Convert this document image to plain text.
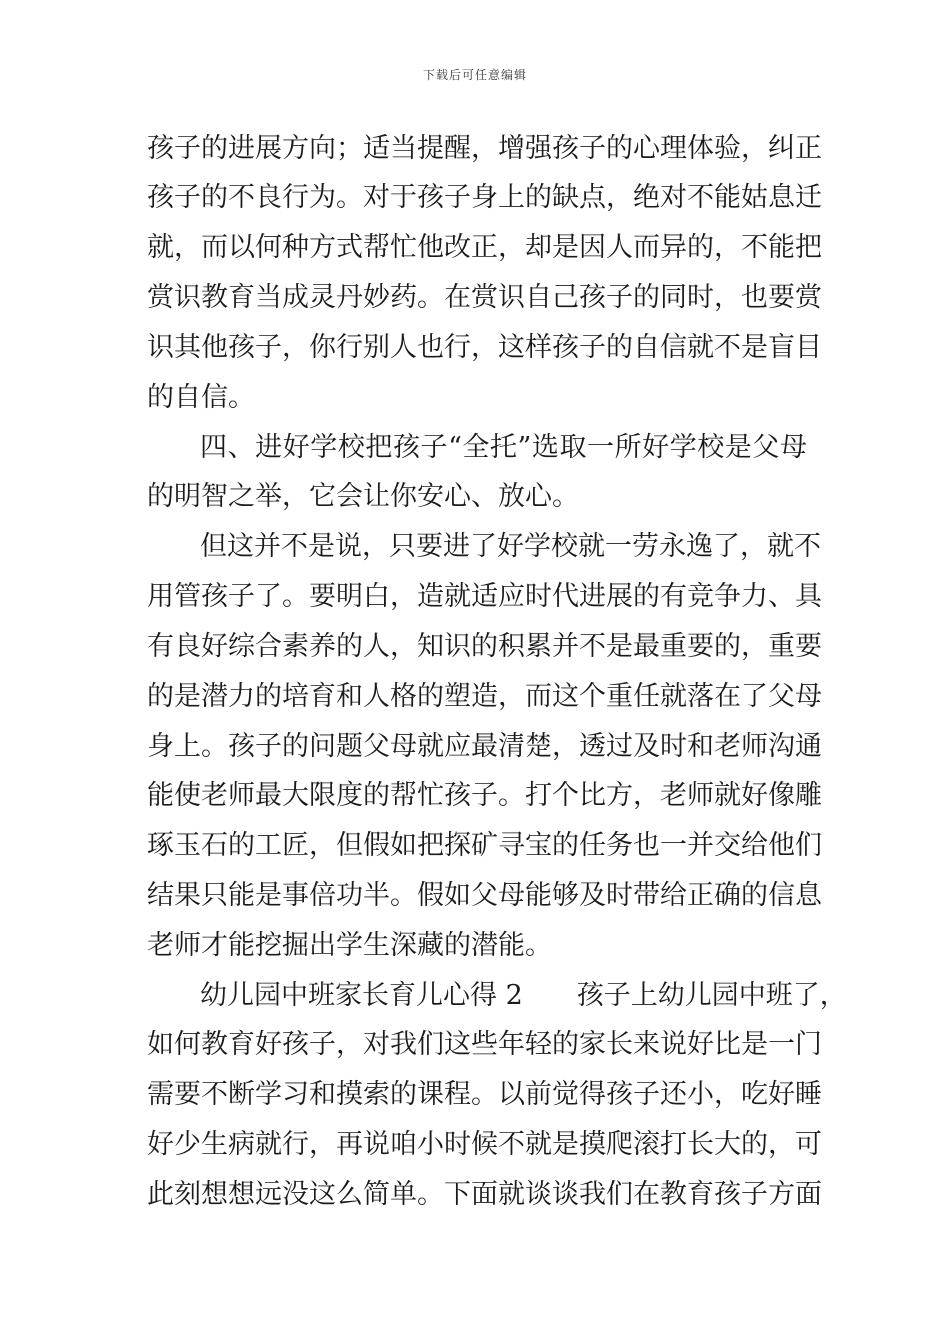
下载后可任意编辑
孩子的进展方向；适当提醒，增强孩子的心理体验，纠正
孩子的不良行为。对于孩子身上的缺点，绝对不能姑息迁
就，而以何种方式帮忙他改正，却是因人而异的，不能把
赏识教育当成灵丹妙药。在赏识自己孩子的同时，也要赏
识其他孩子，你行别人也行，这样孩子的自信就不是盲目
的自信。
四、进好学校把孩子“全托”选取一所好学校是父母
的明智之举，它会让你安心、放心。
但这并不是说，只要进了好学校就一劳永逸了，就不
用管孩子了。要明白，造就适应时代进展的有竞争力、具
有良好综合素养的人，知识的积累并不是最重要的，重要
的是潜力的培育和人格的塑造，而这个重任就落在了父母
身上。孩子的问题父母就应最清楚，透过及时和老师沟通
能使老师最大限度的帮忙孩子。打个比方，老师就好像雕
琢玉石的工匠，但假如把探矿寻宝的任务也一并交给他们
结果只能是事倍功半。假如父母能够及时带给正确的信息
老师才能挖掘出学生深藏的潜能。
幼儿园中班家长育儿心得 2　　孩子上幼儿园中班了，
如何教育好孩子，对我们这些年轻的家长来说好比是一门
需要不断学习和摸索的课程。以前觉得孩子还小，吃好睡
好少生病就行，再说咱小时候不就是摸爬滚打长大的，可
此刻想想远没这么简单。下面就谈谈我们在教育孩子方面
